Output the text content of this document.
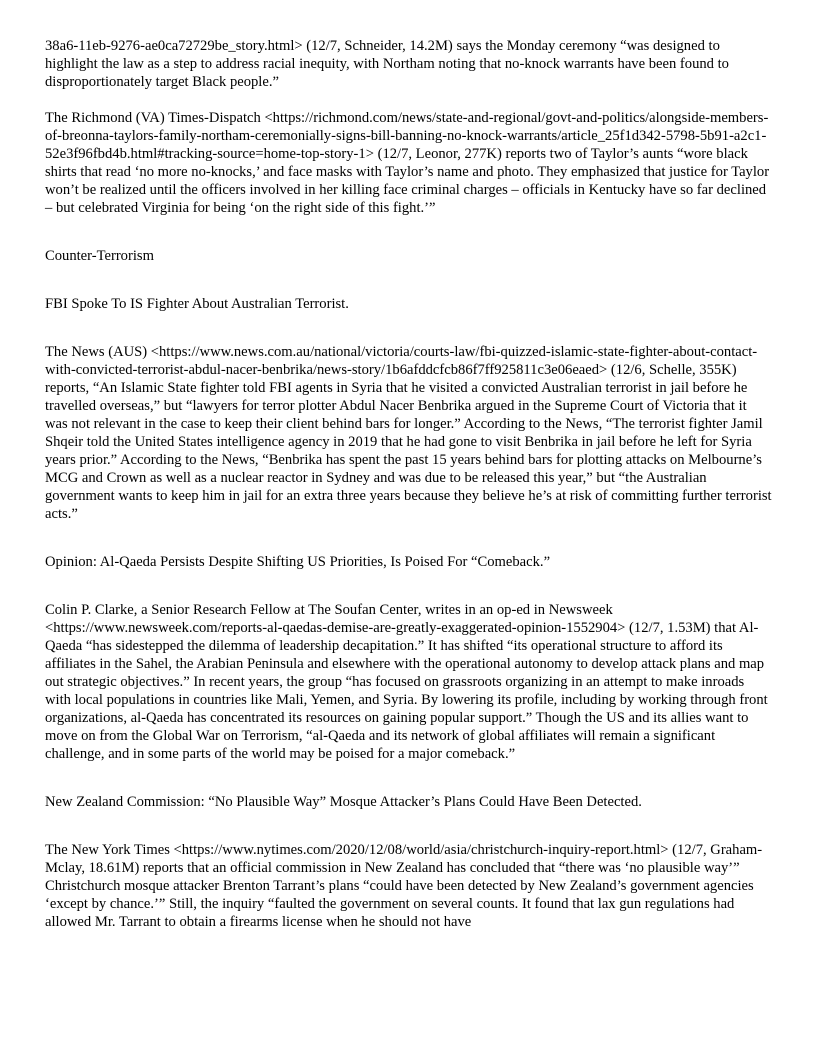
38a6-11eb-9276-ae0ca72729be_story.html> (12/7, Schneider, 14.2M) says the Monday ceremony “was designed to highlight the law as a step to address racial inequity, with Northam noting that no-knock warrants have been found to disproportionately target Black people.”

The Richmond (VA) Times-Dispatch <https://richmond.com/news/state-and-regional/govt-and-politics/alongside-members-of-breonna-taylors-family-northam-ceremonially-signs-bill-banning-no-knock-warrants/article_25f1d342-5798-5b91-a2c1-52e3f96fbd4b.html#tracking-source=home-top-story-1> (12/7, Leonor, 277K) reports two of Taylor’s aunts “wore black shirts that read ‘no more no-knocks,’ and face masks with Taylor’s name and photo. They emphasized that justice for Taylor won’t be realized until the officers involved in her killing face criminal charges – officials in Kentucky have so far declined – but celebrated Virginia for being ‘on the right side of this fight.’”

Counter-Terrorism

FBI Spoke To IS Fighter About Australian Terrorist.

The News (AUS) <https://www.news.com.au/national/victoria/courts-law/fbi-quizzed-islamic-state-fighter-about-contact-with-convicted-terrorist-abdul-nacer-benbrika/news-story/1b6afddcfcb86f7ff925811c3e06eaed> (12/6, Schelle, 355K) reports, “An Islamic State fighter told FBI agents in Syria that he visited a convicted Australian terrorist in jail before he travelled overseas,” but “lawyers for terror plotter Abdul Nacer Benbrika argued in the Supreme Court of Victoria that it was not relevant in the case to keep their client behind bars for longer.” According to the News, “The terrorist fighter Jamil Shqeir told the United States intelligence agency in 2019 that he had gone to visit Benbrika in jail before he left for Syria years prior.” According to the News, “Benbrika has spent the past 15 years behind bars for plotting attacks on Melbourne’s MCG and Crown as well as a nuclear reactor in Sydney and was due to be released this year,” but “the Australian government wants to keep him in jail for an extra three years because they believe he’s at risk of committing further terrorist acts.”

Opinion: Al-Qaeda Persists Despite Shifting US Priorities, Is Poised For “Comeback.”

Colin P. Clarke, a Senior Research Fellow at The Soufan Center, writes in an op-ed in Newsweek <https://www.newsweek.com/reports-al-qaedas-demise-are-greatly-exaggerated-opinion-1552904> (12/7, 1.53M) that Al-Qaeda “has sidestepped the dilemma of leadership decapitation.” It has shifted “its operational structure to afford its affiliates in the Sahel, the Arabian Peninsula and elsewhere with the operational autonomy to develop attack plans and map out strategic objectives.” In recent years, the group “has focused on grassroots organizing in an attempt to make inroads with local populations in countries like Mali, Yemen, and Syria. By lowering its profile, including by working through front organizations, al-Qaeda has concentrated its resources on gaining popular support.” Though the US and its allies want to move on from the Global War on Terrorism, “al-Qaeda and its network of global affiliates will remain a significant challenge, and in some parts of the world may be poised for a major comeback.”

New Zealand Commission: “No Plausible Way” Mosque Attacker’s Plans Could Have Been Detected.

The New York Times <https://www.nytimes.com/2020/12/08/world/asia/christchurch-inquiry-report.html> (12/7, Graham-Mclay, 18.61M) reports that an official commission in New Zealand has concluded that “there was ‘no plausible way’” Christchurch mosque attacker Brenton Tarrant’s plans “could have been detected by New Zealand’s government agencies ‘except by chance.’” Still, the inquiry “faulted the government on several counts. It found that lax gun regulations had allowed Mr. Tarrant to obtain a firearms license when he should not have
